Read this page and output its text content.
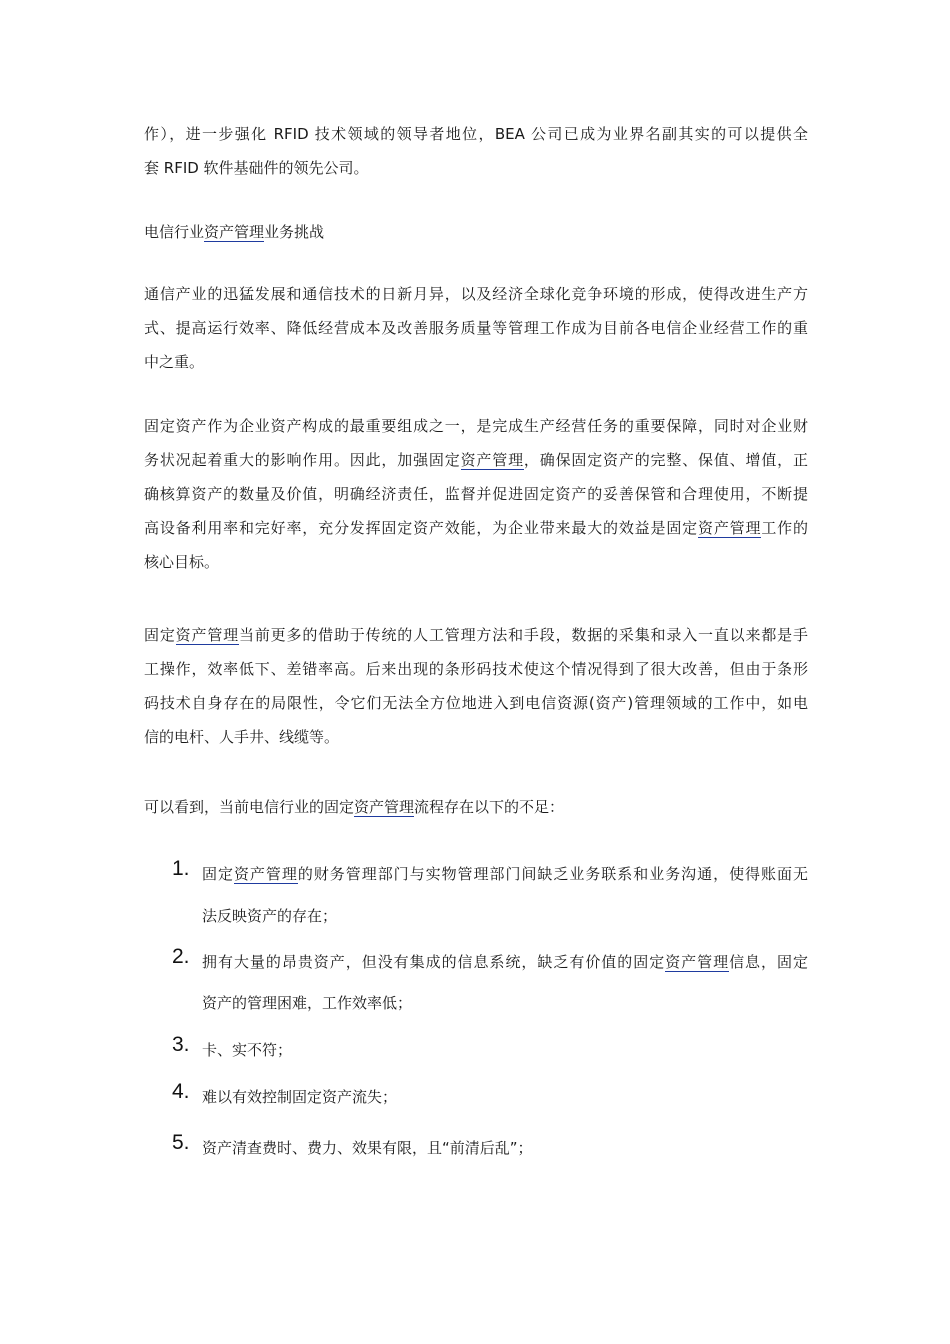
作），进一步强化 RFID 技术领域的领导者地位，BEA 公司已成为业界名副其实的可以提供全
套 RFID 软件基础件的领先公司。
电信行业资产管理业务挑战
通信产业的迅猛发展和通信技术的日新月异，以及经济全球化竞争环境的形成，使得改进生产方
式、提高运行效率、降低经营成本及改善服务质量等管理工作成为目前各电信企业经营工作的重
中之重。
固定资产作为企业资产构成的最重要组成之一，是完成生产经营任务的重要保障，同时对企业财
务状况起着重大的影响作用。因此，加强固定资产管理，确保固定资产的完整、保值、增值，正
确核算资产的数量及价值，明确经济责任，监督并促进固定资产的妥善保管和合理使用，不断提
高设备利用率和完好率，充分发挥固定资产效能，为企业带来最大的效益是固定资产管理工作的
核心目标。
固定资产管理当前更多的借助于传统的人工管理方法和手段，数据的采集和录入一直以来都是手
工操作，效率低下、差错率高。后来出现的条形码技术使这个情况得到了很大改善，但由于条形
码技术自身存在的局限性，令它们无法全方位地进入到电信资源(资产)管理领域的工作中，如电
信的电杆、人手井、线缆等。
可以看到，当前电信行业的固定资产管理流程存在以下的不足：
1. 固定资产管理的财务管理部门与实物管理部门间缺乏业务联系和业务沟通，使得账面无
法反映资产的存在；
2. 拥有大量的昂贵资产，但没有集成的信息系统，缺乏有价值的固定资产管理信息，固定
资产的管理困难，工作效率低；
3. 卡、实不符；
4. 难以有效控制固定资产流失；
5. 资产清查费时、费力、效果有限，且“前清后乱”；
